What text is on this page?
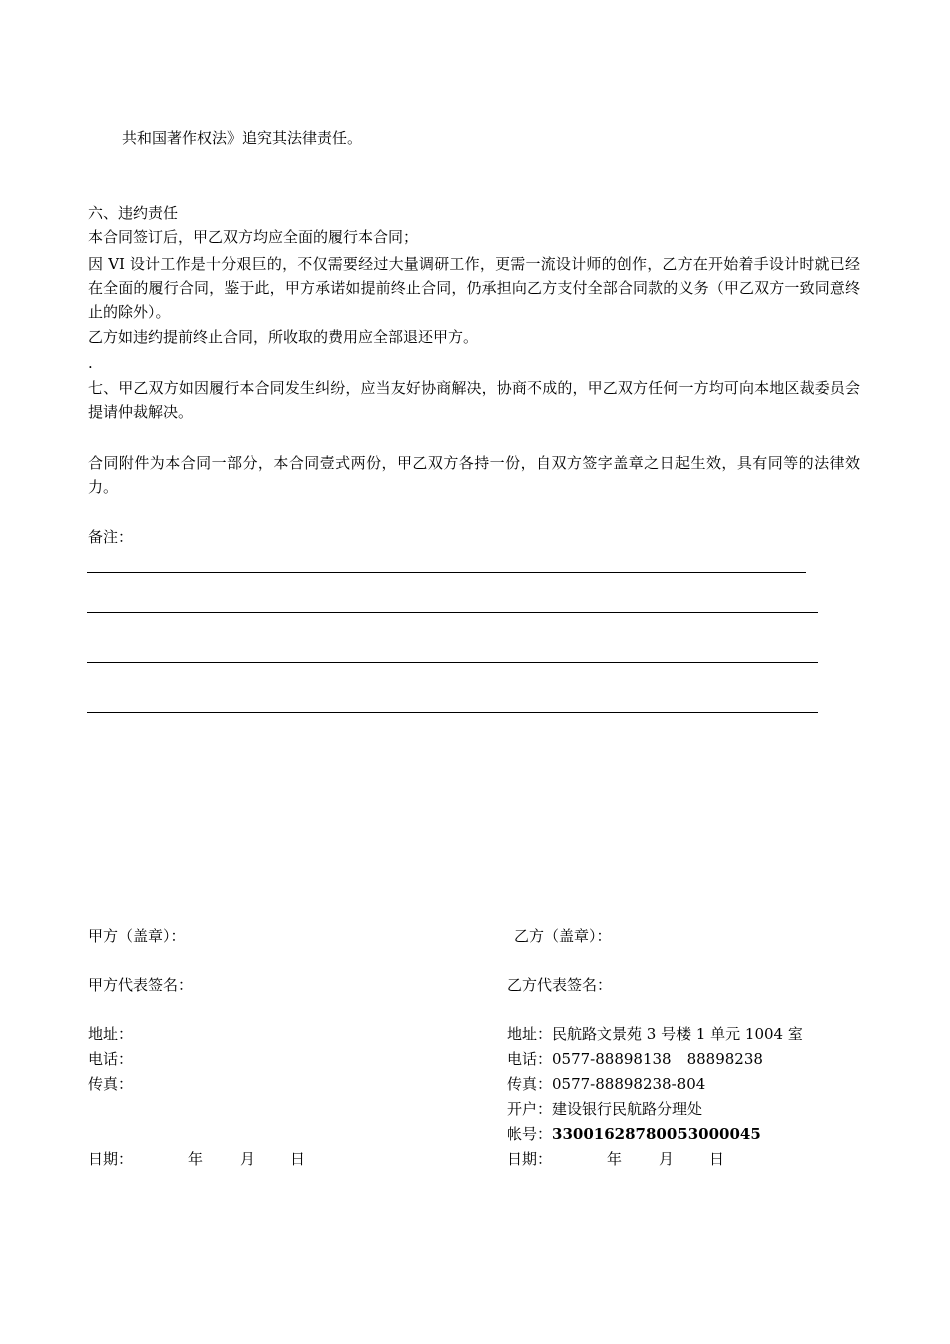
共和国著作权法》追究其法律责任。
六、违约责任
本合同签订后，甲乙双方均应全面的履行本合同；
因 VI 设计工作是十分艰巨的，不仅需要经过大量调研工作，更需一流设计师的创作，乙方在开始着手设计时就已经在全面的履行合同，鉴于此，甲方承诺如提前终止合同，仍承担向乙方支付全部合同款的义务（甲乙双方一致同意终止的除外）。
乙方如违约提前终止合同，所收取的费用应全部退还甲方。
.
七、甲乙双方如因履行本合同发生纠纷，应当友好协商解决，协商不成的，甲乙双方任何一方均可向本地区裁委员会提请仲裁解决。
合同附件为本合同一部分，本合同壹式两份，甲乙双方各持一份，自双方签字盖章之日起生效，具有同等的法律效力。
备注：
甲方（盖章）：
甲方代表签名：
地址：
电话：
传真：
日期：	年 月 日
乙方（盖章）：
乙方代表签名：
地址：民航路文景苑 3 号楼 1 单元 1004 室
电话：0577-88898138　88898238
传真：0577-88898238-804
开户：建设银行民航路分理处
帐号：33001628780053000045
日期：	年 月 日
